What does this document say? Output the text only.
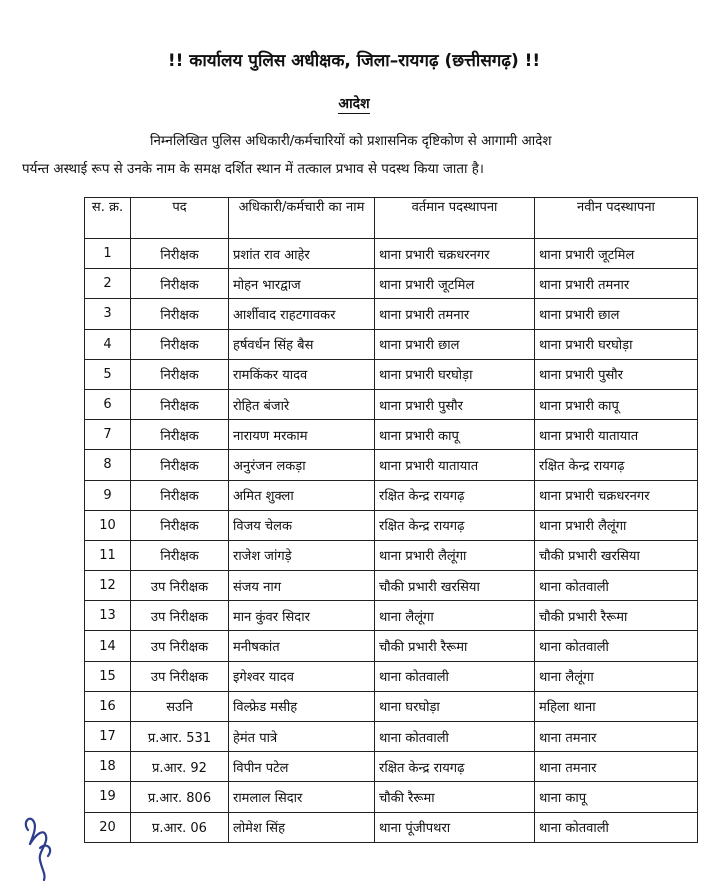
!! कार्यालय पुलिस अधीक्षक, जिला–रायगढ़ (छत्तीसगढ़) !!
आदेश
निम्नलिखित पुलिस अधिकारी/कर्मचारियों को प्रशासनिक दृष्टिकोण से आगामी आदेश
पर्यन्त अस्थाई रूप से उनके नाम के समक्ष दर्शित स्थान में तत्काल प्रभाव से पदस्थ किया जाता है।
स. क्र.	पद	अधिकारी/कर्मचारी का नाम	वर्तमान पदस्थापना	नवीन पदस्थापना
1	निरीक्षक	प्रशांत राव आहेर	थाना प्रभारी चक्रधरनगर	थाना प्रभारी जूटमिल
2	निरीक्षक	मोहन भारद्वाज	थाना प्रभारी जूटमिल	थाना प्रभारी तमनार
3	निरीक्षक	आर्शीवाद राहटगावकर	थाना प्रभारी तमनार	थाना प्रभारी छाल
4	निरीक्षक	हर्षवर्धन सिंह बैस	थाना प्रभारी छाल	थाना प्रभारी घरघोड़ा
5	निरीक्षक	रामकिंकर यादव	थाना प्रभारी घरघोड़ा	थाना प्रभारी पुसौर
6	निरीक्षक	रोहित बंजारे	थाना प्रभारी पुसौर	थाना प्रभारी कापू
7	निरीक्षक	नारायण मरकाम	थाना प्रभारी कापू	थाना प्रभारी यातायात
8	निरीक्षक	अनुरंजन लकड़ा	थाना प्रभारी यातायात	रक्षित केन्द्र रायगढ़
9	निरीक्षक	अमित शुक्ला	रक्षित केन्द्र रायगढ़	थाना प्रभारी चक्रधरनगर
10	निरीक्षक	विजय चेलक	रक्षित केन्द्र रायगढ़	थाना प्रभारी लैलूंगा
11	निरीक्षक	राजेश जांगड़े	थाना प्रभारी लैलूंगा	चौकी प्रभारी खरसिया
12	उप निरीक्षक	संजय नाग	चौकी प्रभारी खरसिया	थाना कोतवाली
13	उप निरीक्षक	मान कुंवर सिदार	थाना लैलूंगा	चौकी प्रभारी रैरूमा
14	उप निरीक्षक	मनीषकांत	चौकी प्रभारी रैरूमा	थाना कोतवाली
15	उप निरीक्षक	इगेश्वर यादव	थाना कोतवाली	थाना लैलूंगा
16	सउनि	विल्फ्रेड मसीह	थाना घरघोड़ा	महिला थाना
17	प्र.आर. 531	हेमंत पात्रे	थाना कोतवाली	थाना तमनार
18	प्र.आर. 92	विपीन पटेल	रक्षित केन्द्र रायगढ़	थाना तमनार
19	प्र.आर. 806	रामलाल सिदार	चौकी रैरूमा	थाना कापू
20	प्र.आर. 06	लोमेश सिंह	थाना पूंजीपथरा	थाना कोतवाली
